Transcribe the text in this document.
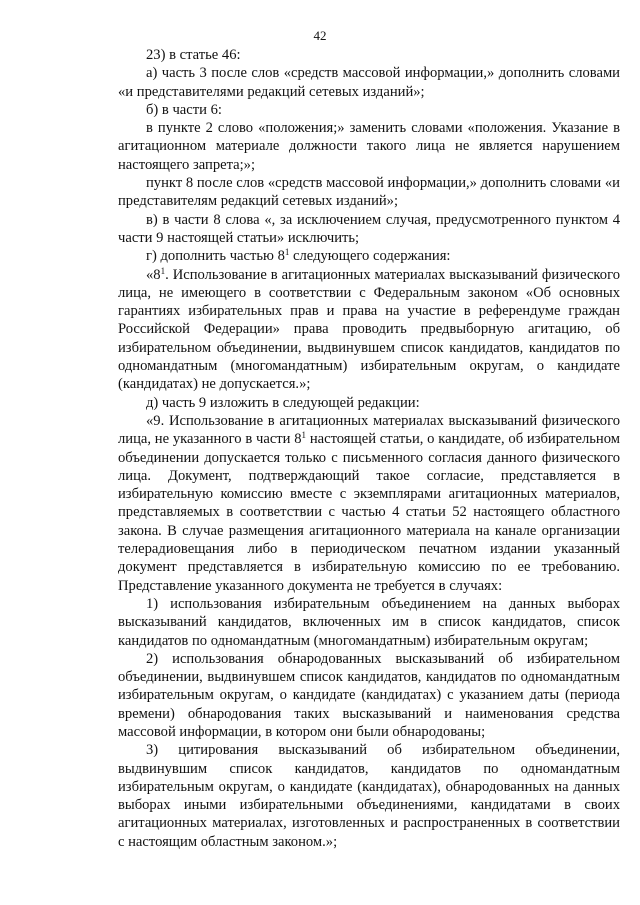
42

23) в статье 46:

а) часть 3 после слов «средств массовой информации,» дополнить словами «и представителями редакций сетевых изданий»;

б) в части 6:

в пункте 2 слово «положения;» заменить словами «положения. Указание в агитационном материале должности такого лица не является нарушением настоящего запрета;»;

пункт 8 после слов «средств массовой информации,» дополнить словами «и представителям редакций сетевых изданий»;

в) в части 8 слова «, за исключением случая, предусмотренного пунктом 4 части 9 настоящей статьи» исключить;

г) дополнить частью $8^1$ следующего содержания:

«$8^1$. Использование в агитационных материалах высказываний физического лица, не имеющего в соответствии с Федеральным законом «Об основных гарантиях избирательных прав и права на участие в референдуме граждан Российской Федерации» права проводить предвыборную агитацию, об избирательном объединении, выдвинувшем список кандидатов, кандидатов по одномандатным (многомандатным) избирательным округам, о кандидате (кандидатах) не допускается.»;

д) часть 9 изложить в следующей редакции:

«9. Использование в агитационных материалах высказываний физического лица, не указанного в части $8^1$ настоящей статьи, о кандидате, об избирательном объединении допускается только с письменного согласия данного физического лица. Документ, подтверждающий такое согласие, представляется в избирательную комиссию вместе с экземплярами агитационных материалов, представляемых в соответствии с частью 4 статьи 52 настоящего областного закона. В случае размещения агитационного материала на канале организации телерадиовещания либо в периодическом печатном издании указанный документ представляется в избирательную комиссию по ее требованию. Представление указанного документа не требуется в случаях:

1) использования избирательным объединением на данных выборах высказываний кандидатов, включенных им в список кандидатов, список кандидатов по одномандатным (многомандатным) избирательным округам;

2) использования обнародованных высказываний об избирательном объединении, выдвинувшем список кандидатов, кандидатов по одномандатным избирательным округам, о кандидате (кандидатах) с указанием даты (периода времени) обнародования таких высказываний и наименования средства массовой информации, в котором они были обнародованы;

3) цитирования высказываний об избирательном объединении, выдвинувшим список кандидатов, кандидатов по одномандатным избирательным округам, о кандидате (кандидатах), обнародованных на данных выборах иными избирательными объединениями, кандидатами в своих агитационных материалах, изготовленных и распространенных в соответствии с настоящим областным законом.»;
